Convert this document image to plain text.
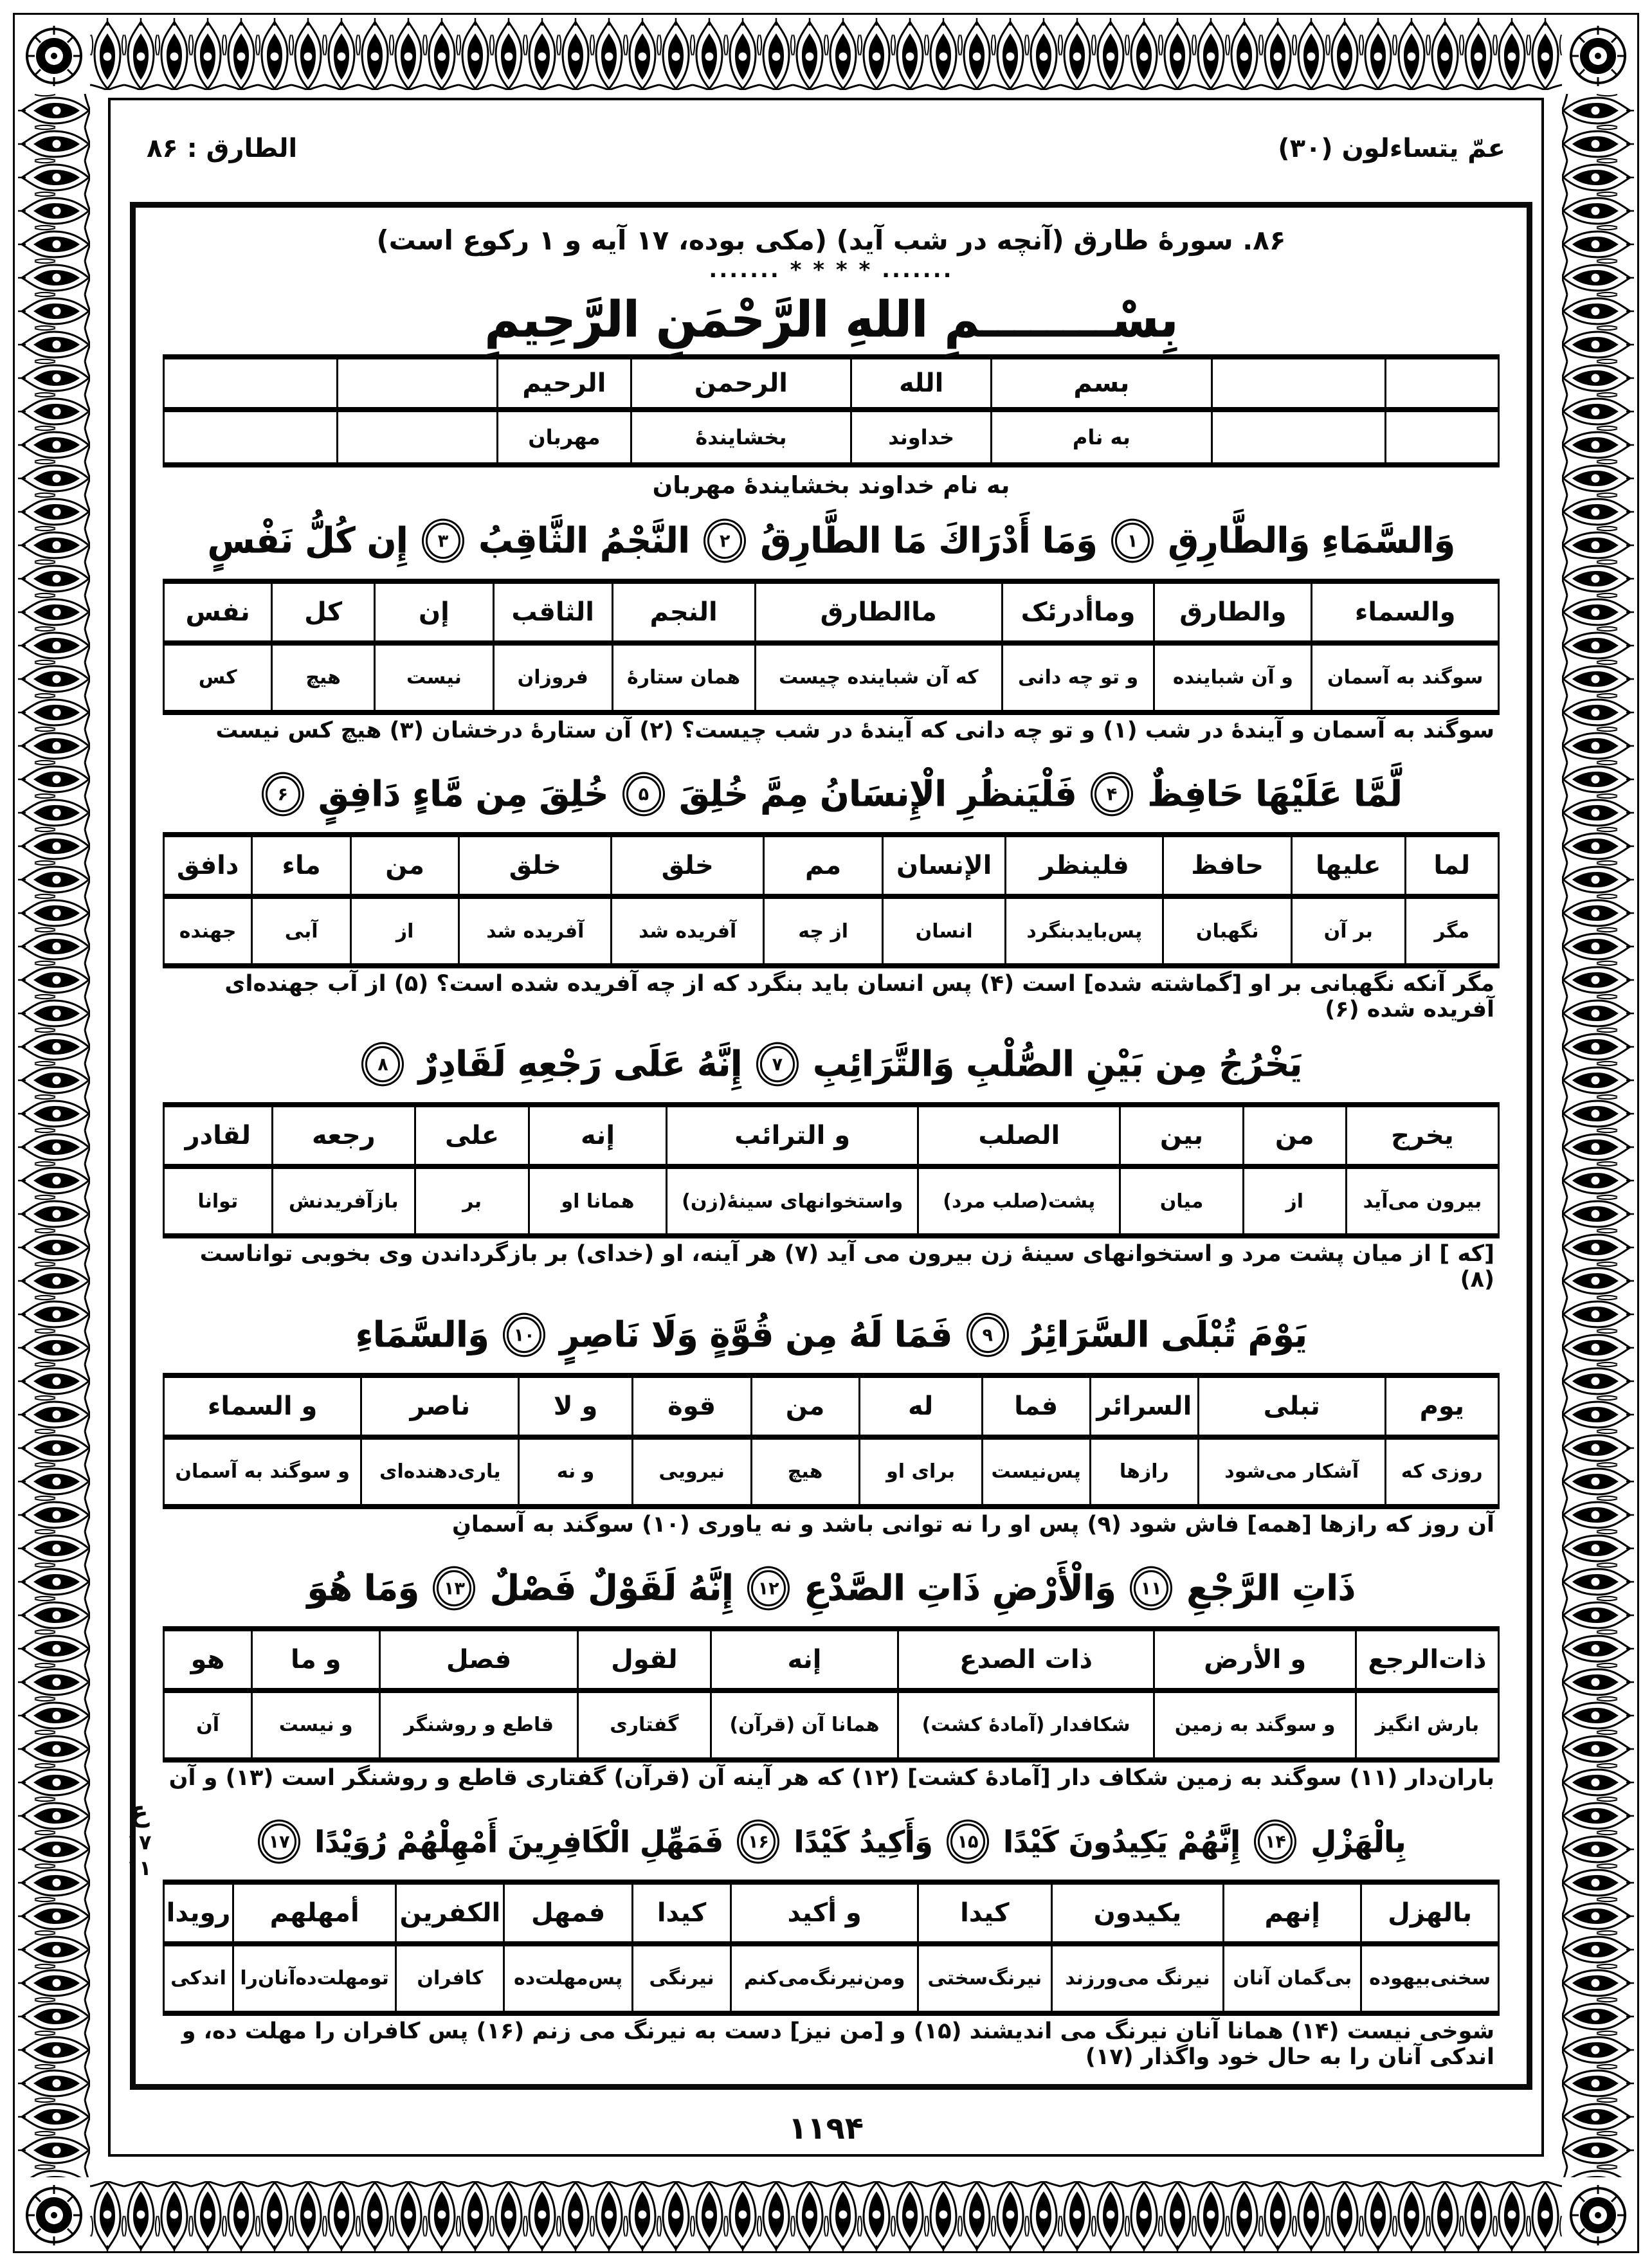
ع
۱۷
۱۱
عمّ يتساءلون (۳۰)
الطارق : ۸۶
۸۶. سورهٔ طارق (آنچه در شب آید) (مکی بوده، ۱۷ آیه و ۱ رکوع است)
....... * * * * .......
بِسْــــــــمِ اللهِ الرَّحْمَنِ الرَّحِيمِ
		بسم	الله	الرحمن	الرحیم		
		به نام	خداوند	بخشایندهٔ	مهربان		
به نام خداوند بخشایندهٔ مهربان
وَالسَّمَاءِ وَالطَّارِقِ
۱
وَمَا أَدْرَاكَ مَا الطَّارِقُ
۲
النَّجْمُ الثَّاقِبُ
۳
إِن كُلُّ نَفْسٍ
والسماء	والطارق	وماأدرئک	ماالطارق	النجم	الثاقب	إن	کل	نفس
سوگند به آسمان	و آن شباینده	و تو چه دانی	که آن شباینده چیست	همان ستارهٔ	فروزان	نیست	هیچ	کس
سوگند به آسمان و آیندهٔ در شب (۱) و تو چه دانی که آیندهٔ در شب چیست؟ (۲) آن ستارهٔ درخشان (۳) هیچ کس نیست
لَّمَّا عَلَيْهَا حَافِظٌ
۴
فَلْيَنظُرِ الْإِنسَانُ مِمَّ خُلِقَ
۵
خُلِقَ مِن مَّاءٍ دَافِقٍ
۶
لما	علیها	حافظ	فلینظر	الإنسان	مم	خلق	خلق	من	ماء	دافق
مگر	بر آن	نگهبان	پس‌بایدبنگرد	انسان	از چه	آفریده شد	آفریده شد	از	آبی	جهنده
مگر آنکه نگهبانی بر او [گماشته شده] است (۴) پس انسان باید بنگرد که از چه آفریده شده است؟ (۵) از آب جهنده‌ای آفریده شده (۶)
يَخْرُجُ مِن بَيْنِ الصُّلْبِ وَالتَّرَائِبِ
۷
إِنَّهُ عَلَى رَجْعِهِ لَقَادِرٌ
۸
یخرج	من	بین	الصلب	و الترائب	إنه	علی	رجعه	لقادر
بیرون می‌آید	از	میان	پشت(صلب مرد)	واستخوانهای سینهٔ(زن)	همانا او	بر	بازآفریدنش	توانا
[که ] از میان پشت مرد و استخوانهای سینهٔ زن بیرون می آید (۷) هر آینه، او (خدای) بر بازگرداندن وی بخوبی تواناست (۸)
يَوْمَ تُبْلَى السَّرَائِرُ
۹
فَمَا لَهُ مِن قُوَّةٍ وَلَا نَاصِرٍ
۱۰
وَالسَّمَاءِ
یوم	تبلی	السرائر	فما	له	من	قوة	و لا	ناصر	و السماء
روزی که	آشکار می‌شود	رازها	پس‌نیست	برای او	هیچ	نیرویی	و نه	یاری‌دهنده‌ای	و سوگند به آسمان
آن روز که رازها [همه] فاش شود (۹) پس او را نه توانی باشد و نه یاوری (۱۰) سوگند به آسمانِ
ذَاتِ الرَّجْعِ
۱۱
وَالْأَرْضِ ذَاتِ الصَّدْعِ
۱۲
إِنَّهُ لَقَوْلٌ فَصْلٌ
۱۳
وَمَا هُوَ
ذات‌الرجع	و الأرض	ذات الصدع	إنه	لقول	فصل	و ما	هو
بارش انگیز	و سوگند به زمین	شکافدار (آمادهٔ کشت)	همانا آن (قرآن)	گفتاری	قاطع و روشنگر	و نیست	آن
باران‌دار (۱۱) سوگند به زمین شکاف دار [آمادهٔ کشت] (۱۲) که هر آینه آن (قرآن) گفتاری قاطع و روشنگر است (۱۳) و آن
بِالْهَزْلِ
۱۴
إِنَّهُمْ يَكِيدُونَ كَيْدًا
۱۵
وَأَكِيدُ كَيْدًا
۱۶
فَمَهِّلِ الْكَافِرِينَ أَمْهِلْهُمْ رُوَيْدًا
۱۷
بالهزل	إنهم	یکیدون	کیدا	و أکید	کیدا	فمهل	الکفرین	أمهلهم	رویدا
سخنی‌بیهوده	بی‌گمان آنان	نیرنگ می‌ورزند	نیرنگ‌سختی	ومن‌نیرنگ‌می‌کنم	نیرنگی	پس‌مهلت‌ده	کافران	تومهلت‌ده‌آنان‌را	اندکی
شوخی نیست (۱۴) همانا آنان نیرنگ می اندیشند (۱۵) و [من نیز] دست به نیرنگ می زنم (۱۶) پس کافران را مهلت ده، و اندکی آنان را به حال خود واگذار (۱۷)
۱۱۹۴
